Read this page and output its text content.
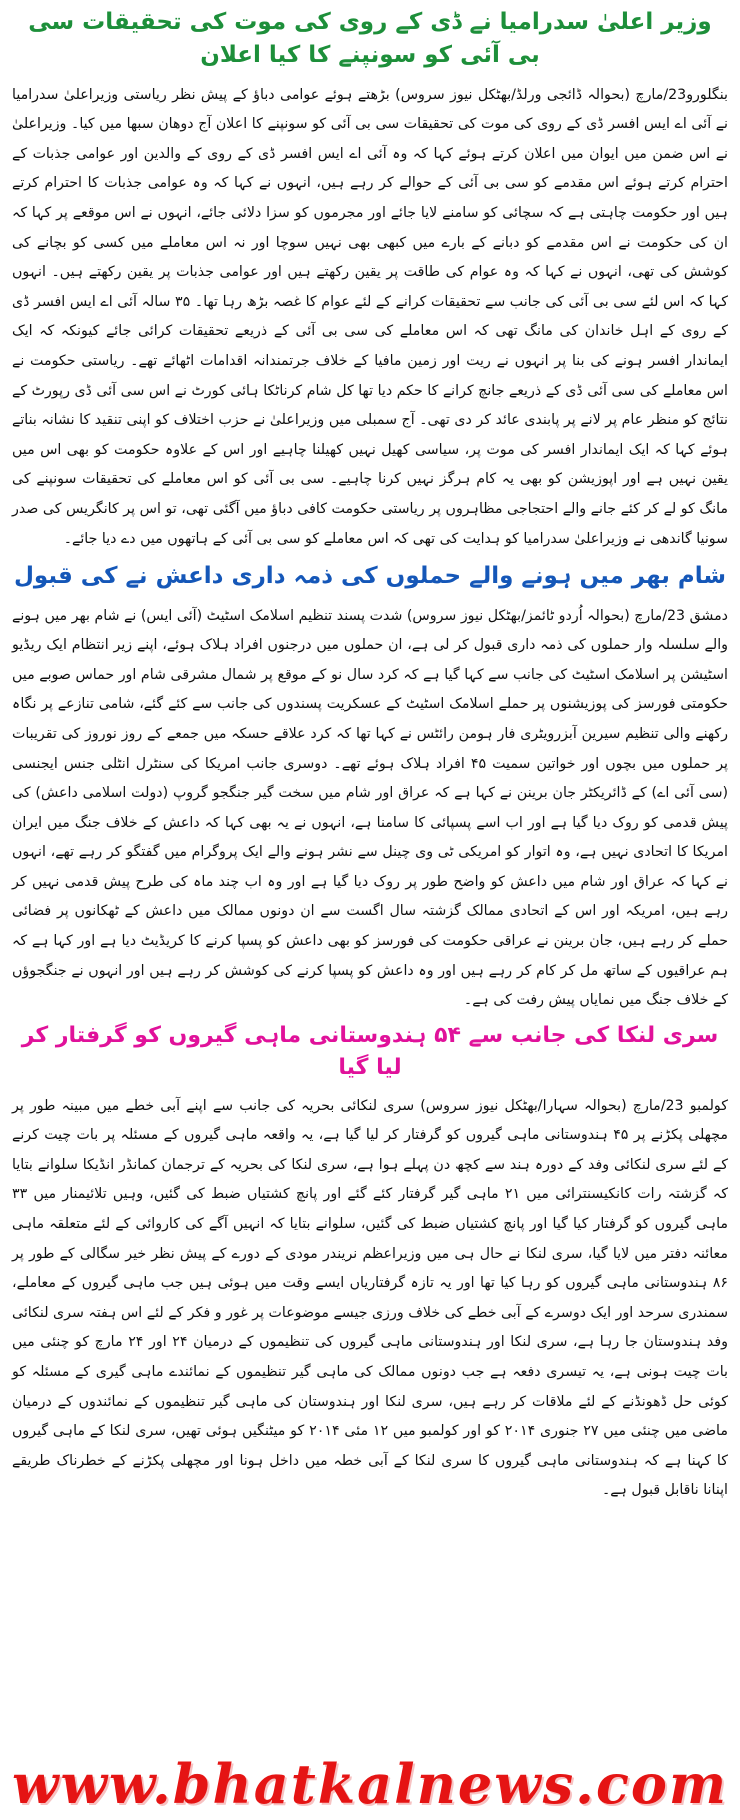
وزیر اعلیٰ سدرامیا نے ڈی کے روی کی موت کی تحقیقات سی بی آئی کو سونپنے کا کیا اعلان

بنگلورو23/مارچ (بحوالہ ڈائجی ورلڈ/بھٹکل نیوز سروس) بڑھتے ہوئے عوامی دباؤ کے پیش نظر ریاستی وزیراعلیٰ سدرامیا نے آئی اے ایس افسر ڈی کے روی کی موت کی تحقیقات سی بی آئی کو سونپنے کا اعلان آج دوھان سبھا میں کیا۔ وزیراعلیٰ نے اس ضمن میں ایوان میں اعلان کرتے ہوئے کہا کہ وہ آئی اے ایس افسر ڈی کے روی کے والدین اور عوامی جذبات کے احترام کرتے ہوئے اس مقدمے کو سی بی آئی کے حوالے کر رہے ہیں، انہوں نے کہا کہ وہ عوامی جذبات کا احترام کرتے ہیں اور حکومت چاہتی ہے کہ سچائی کو سامنے لایا جائے اور مجرموں کو سزا دلائی جائے، انہوں نے اس موقعے پر کہا کہ ان کی حکومت نے اس مقدمے کو دبانے کے بارے میں کبھی بھی نہیں سوچا اور نہ اس معاملے میں کسی کو بچانے کی کوشش کی تھی، انہوں نے کہا کہ وہ عوام کی طاقت پر یقین رکھتے ہیں اور عوامی جذبات پر یقین رکھتے ہیں۔ انہوں کہا کہ اس لئے سی بی آئی کی جانب سے تحقیقات کرانے کے لئے عوام کا غصہ بڑھ رہا تھا۔ ۳۵ سالہ آئی اے ایس افسر ڈی کے روی کے اہل خاندان کی مانگ تھی کہ اس معاملے کی سی بی آئی کے ذریعے تحقیقات کرائی جائے کیونکہ کہ ایک ایماندار افسر ہونے کی بنا پر انہوں نے ریت اور زمین مافیا کے خلاف جرتمندانہ اقدامات اٹھائے تھے۔ ریاستی حکومت نے اس معاملے کی سی آئی ڈی کے ذریعے جانچ کرانے کا حکم دیا تھا کل شام کرناٹکا ہائی کورٹ نے اس سی آئی ڈی رپورٹ کے نتائج کو منظر عام پر لانے پر پابندی عائد کر دی تھی۔ آج سمبلی میں وزیراعلیٰ نے حزب اختلاف کو اپنی تنقید کا نشانہ بناتے ہوئے کہا کہ ایک ایماندار افسر کی موت پر، سیاسی کھیل نہیں کھیلنا چاہیے اور اس کے علاوہ حکومت کو بھی اس میں یقین نہیں ہے اور اپوزیشن کو بھی یہ کام ہرگز نہیں کرنا چاہیے۔ سی بی آئی کو اس معاملے کی تحقیقات سونپنے کی مانگ کو لے کر کئے جانے والے احتجاجی مظاہروں پر ریاستی حکومت کافی دباؤ میں آگئی تھی، تو اس پر کانگریس کی صدر سونیا گاندھی نے وزیراعلیٰ سدرامیا کو ہدایت کی تھی کہ اس معاملے کو سی بی آئی کے ہاتھوں میں دے دیا جائے۔

شام بھر میں ہونے والے حملوں کی ذمہ داری داعش نے کی قبول

دمشق 23/مارچ (بحوالہ اُردو ٹائمز/بھٹکل نیوز سروس) شدت پسند تنظیم اسلامک اسٹیٹ (آئی ایس) نے شام بھر میں ہونے والے سلسلہ وار حملوں کی ذمہ داری قبول کر لی ہے، ان حملوں میں درجنوں افراد ہلاک ہوئے، اپنے زیر انتظام ایک ریڈیو اسٹیشن پر اسلامک اسٹیٹ کی جانب سے کہا گیا ہے کہ کرد سال نو کے موقع پر شمال مشرقی شام اور حماس صوبے میں حکومتی فورسز کی پوزیشنوں پر حملے اسلامک اسٹیٹ کے عسکریت پسندوں کی جانب سے کئے گئے، شامی تنازعے پر نگاہ رکھنے والی تنظیم سیرین آبزرویٹری فار ہومن رائٹس نے کہا تھا کہ کرد علاقے حسکہ میں جمعے کے روز نوروز کی تقریبات پر حملوں میں بچوں اور خواتین سمیت ۴۵ افراد ہلاک ہوئے تھے۔ دوسری جانب امریکا کی سنٹرل انٹلی جنس ایجنسی (سی آئی اے) کے ڈائریکٹر جان برینن نے کہا ہے کہ عراق اور شام میں سخت گیر جنگجو گروپ (دولت اسلامی داعش) کی پیش قدمی کو روک دیا گیا ہے اور اب اسے پسپائی کا سامنا ہے، انہوں نے یہ بھی کہا کہ داعش کے خلاف جنگ میں ایران امریکا کا اتحادی نہیں ہے، وہ اتوار کو امریکی ٹی وی چینل سے نشر ہونے والے ایک پروگرام میں گفتگو کر رہے تھے، انہوں نے کہا کہ عراق اور شام میں داعش کو واضح طور پر روک دیا گیا ہے اور وہ اب چند ماہ کی طرح پیش قدمی نہیں کر رہے ہیں، امریکہ اور اس کے اتحادی ممالک گزشتہ سال اگست سے ان دونوں ممالک میں داعش کے ٹھکانوں پر فضائی حملے کر رہے ہیں، جان برینن نے عراقی حکومت کی فورسز کو بھی داعش کو پسپا کرنے کا کریڈیٹ دیا ہے اور کہا ہے کہ ہم عراقیوں کے ساتھ مل کر کام کر رہے ہیں اور وہ داعش کو پسپا کرنے کی کوشش کر رہے ہیں اور انہوں نے جنگجوؤں کے خلاف جنگ میں نمایاں پیش رفت کی ہے۔

سری لنکا کی جانب سے ۵۴ ہندوستانی ماہی گیروں کو گرفتار کر لیا گیا

کولمبو 23/مارچ (بحوالہ سہارا/بھٹکل نیوز سروس) سری لنکائی بحریہ کی جانب سے اپنے آبی خطے میں مبینہ طور پر مچھلی پکڑنے پر ۴۵ ہندوستانی ماہی گیروں کو گرفتار کر لیا گیا ہے، یہ واقعہ ماہی گیروں کے مسئلہ پر بات چیت کرنے کے لئے سری لنکائی وفد کے دورہ ہند سے کچھ دن پہلے ہوا ہے، سری لنکا کی بحریہ کے ترجمان کمانڈر انڈیکا سلوانے بتایا کہ گزشتہ رات کانکیسنترائی میں ۲۱ ماہی گیر گرفتار کئے گئے اور پانچ کشتیاں ضبط کی گئیں، وہیں تلائیمنار میں ۳۳ ماہی گیروں کو گرفتار کیا گیا اور پانچ کشتیاں ضبط کی گئیں، سلوانے بتایا کہ انہیں آگے کی کاروائی کے لئے متعلقہ ماہی معائنہ دفتر میں لایا گیا، سری لنکا نے حال ہی میں وزیراعظم نریندر مودی کے دورے کے پیش نظر خیر سگالی کے طور پر ۸۶ ہندوستانی ماہی گیروں کو رہا کیا تھا اور یہ تازہ گرفتاریاں ایسے وقت میں ہوئی ہیں جب ماہی گیروں کے معاملے، سمندری سرحد اور ایک دوسرے کے آبی خطے کی خلاف ورزی جیسے موضوعات پر غور و فکر کے لئے اس ہفتہ سری لنکائی وفد ہندوستان جا رہا ہے، سری لنکا اور ہندوستانی ماہی گیروں کی تنظیموں کے درمیان ۲۴ اور ۲۴ مارچ کو چنئی میں بات چیت ہونی ہے، یہ تیسری دفعہ ہے جب دونوں ممالک کی ماہی گیر تنظیموں کے نمائندے ماہی گیری کے مسئلہ کو کوئی حل ڈھونڈنے کے لئے ملاقات کر رہے ہیں، سری لنکا اور ہندوستان کی ماہی گیر تنظیموں کے نمائندوں کے درمیان ماضی میں چنئی میں ۲۷ جنوری ۲۰۱۴ کو اور کولمبو میں ۱۲ مئی ۲۰۱۴ کو میٹنگیں ہوئی تھیں، سری لنکا کے ماہی گیروں کا کہنا ہے کہ ہندوستانی ماہی گیروں کا سری لنکا کے آبی خطہ میں داخل ہونا اور مچھلی پکڑنے کے خطرناک طریقے اپنانا ناقابل قبول ہے۔

www.bhatkalnews.com
